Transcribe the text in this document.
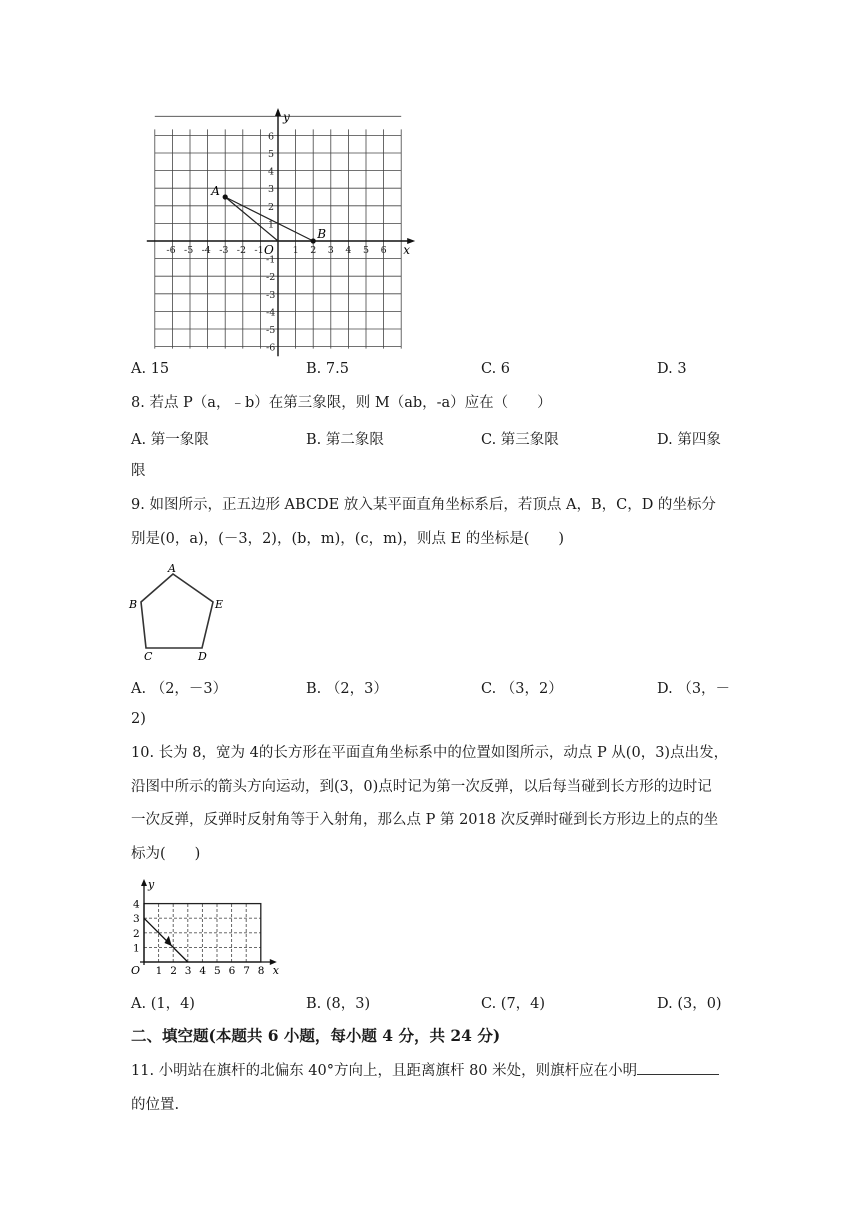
-6 -5 -4 -3 -2 -1	1 2 3 4 5 6
6
5
4
3
2
1
-1
-2
-3
-4
-5
-6
x
y
O
A
B
A. 15	B. 7.5	C. 6	D. 3
8. 若点 P（a，﹣b）在第三象限，则 M（ab，-a）应在（　　）
A. 第一象限	B. 第二象限	C. 第三象限	D. 第四象
限
9. 如图所示，正五边形 ABCDE 放入某平面直角坐标系后，若顶点 A，B，C，D 的坐标分
别是(0，a)，(－3，2)，(b，m)，(c，m)，则点 E 的坐标是(　　)
A
B
C	D
E
A. （2，－3）	B. （2，3）	C. （3，2）	D. （3，－
2)
10. 长为 8，宽为 4的长方形在平面直角坐标系中的位置如图所示，动点 P 从(0，3)点出发，
沿图中所示的箭头方向运动，到(3，0)点时记为第一次反弹，以后每当碰到长方形的边时记
一次反弹，反弹时反射角等于入射角，那么点 P 第 2018 次反弹时碰到长方形边上的点的坐
标为(　　)
1 2 3 4 5 6 7 8
1
2
3
4
x
y
O
A. (1，4)	B. (8，3)	C. (7，4)	D. (3，0)
二、填空题(本题共 6 小题，每小题 4 分，共 24 分)
11. 小明站在旗杆的北偏东 40°方向上，且距离旗杆 80 米处，则旗杆应在小明
的位置.
